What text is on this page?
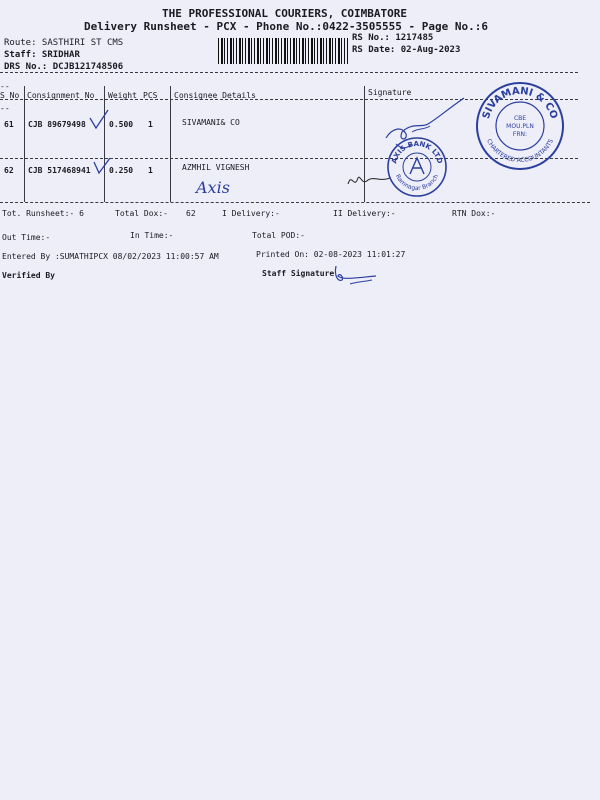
THE PROFESSIONAL COURIERS, COIMBATORE
Delivery Runsheet - PCX - Phone No.:0422-3505555 - Page No.:6
Route: SASTHIRI ST CMS
Staff: SRIDHAR
DRS No.: DCJB121748506
RS No.: 1217485
RS Date: 02-Aug-2023
--
S No Consignment No Weight PCS Consignee Details	Signature
--
61 CJB 89679498	0.500 1	SIVAMANI& CO
62 CJB 517468941 0.250 1	AZMHIL VIGNESH
Axis
SIVAMANI & CO
CHARTERED ACCOUNTANTS
CBE
MOU.PLN
FRN:
AXIS BANK LTD
Ramnagar Branch
Tot. Runsheet:- 6	Total Dox:- 62	I Delivery:-	II Delivery:-	RTN Dox:-
Out Time:-	In Time:-	Total POD:-
Entered By :SUMATHIPCX 08/02/2023 11:00:57 AM	Printed On: 02-08-2023 11:01:27
Verified By	Staff Signature
